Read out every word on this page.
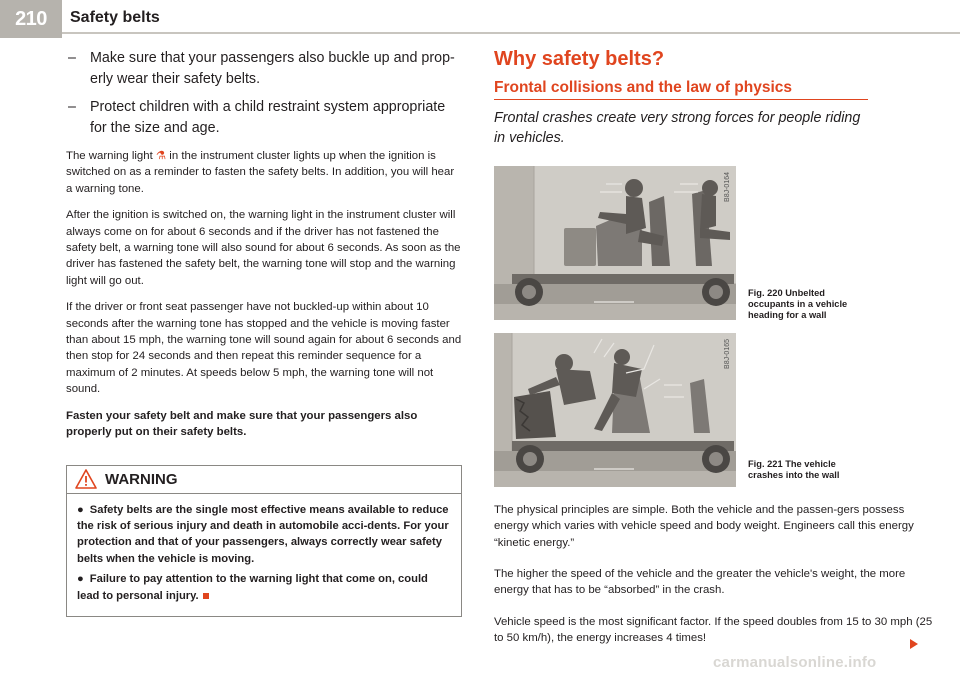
210	Safety belts
– Make sure that your passengers also buckle up and prop-erly wear their safety belts.
– Protect children with a child restraint system appropriate for the size and age.

The warning light ⚗ in the instrument cluster lights up when the ignition is switched on as a reminder to fasten the safety belts. In addition, you will hear a warning tone.

After the ignition is switched on, the warning light in the instrument cluster will always come on for about 6 seconds and if the driver has not fastened the safety belt, a warning tone will also sound for about 6 seconds. As soon as the driver has fastened the safety belt, the warning tone will stop and the warning light will go out.

If the driver or front seat passenger have not buckled-up within about 10 seconds after the warning tone has stopped and the vehicle is moving faster than about 15 mph, the warning tone will sound again for about 6 seconds and then stop for 24 seconds and then repeat this reminder sequence for a maximum of 2 minutes. At speeds below 5 mph, the warning tone will not sound.

Fasten your safety belt and make sure that your passengers also properly put on their safety belts.

WARNING

● Safety belts are the single most effective means available to reduce the risk of serious injury and death in automobile acci-dents. For your protection and that of your passengers, always correctly wear safety belts when the vehicle is moving.

● Failure to pay attention to the warning light that come on, could lead to personal injury.

Why safety belts?
Frontal collisions and the law of physics

Frontal crashes create very strong forces for people riding in vehicles.

B8J-0164
Fig. 220 Unbelted occupants in a vehicle heading for a wall
B8J-0165
Fig. 221 The vehicle crashes into the wall

The physical principles are simple. Both the vehicle and the passen-gers possess energy which varies with vehicle speed and body weight. Engineers call this energy “kinetic energy.”

The higher the speed of the vehicle and the greater the vehicle's weight, the more energy that has to be “absorbed” in the crash.

Vehicle speed is the most significant factor. If the speed doubles from 15 to 30 mph (25 to 50 km/h), the energy increases 4 times!

carmanualsonline.info
